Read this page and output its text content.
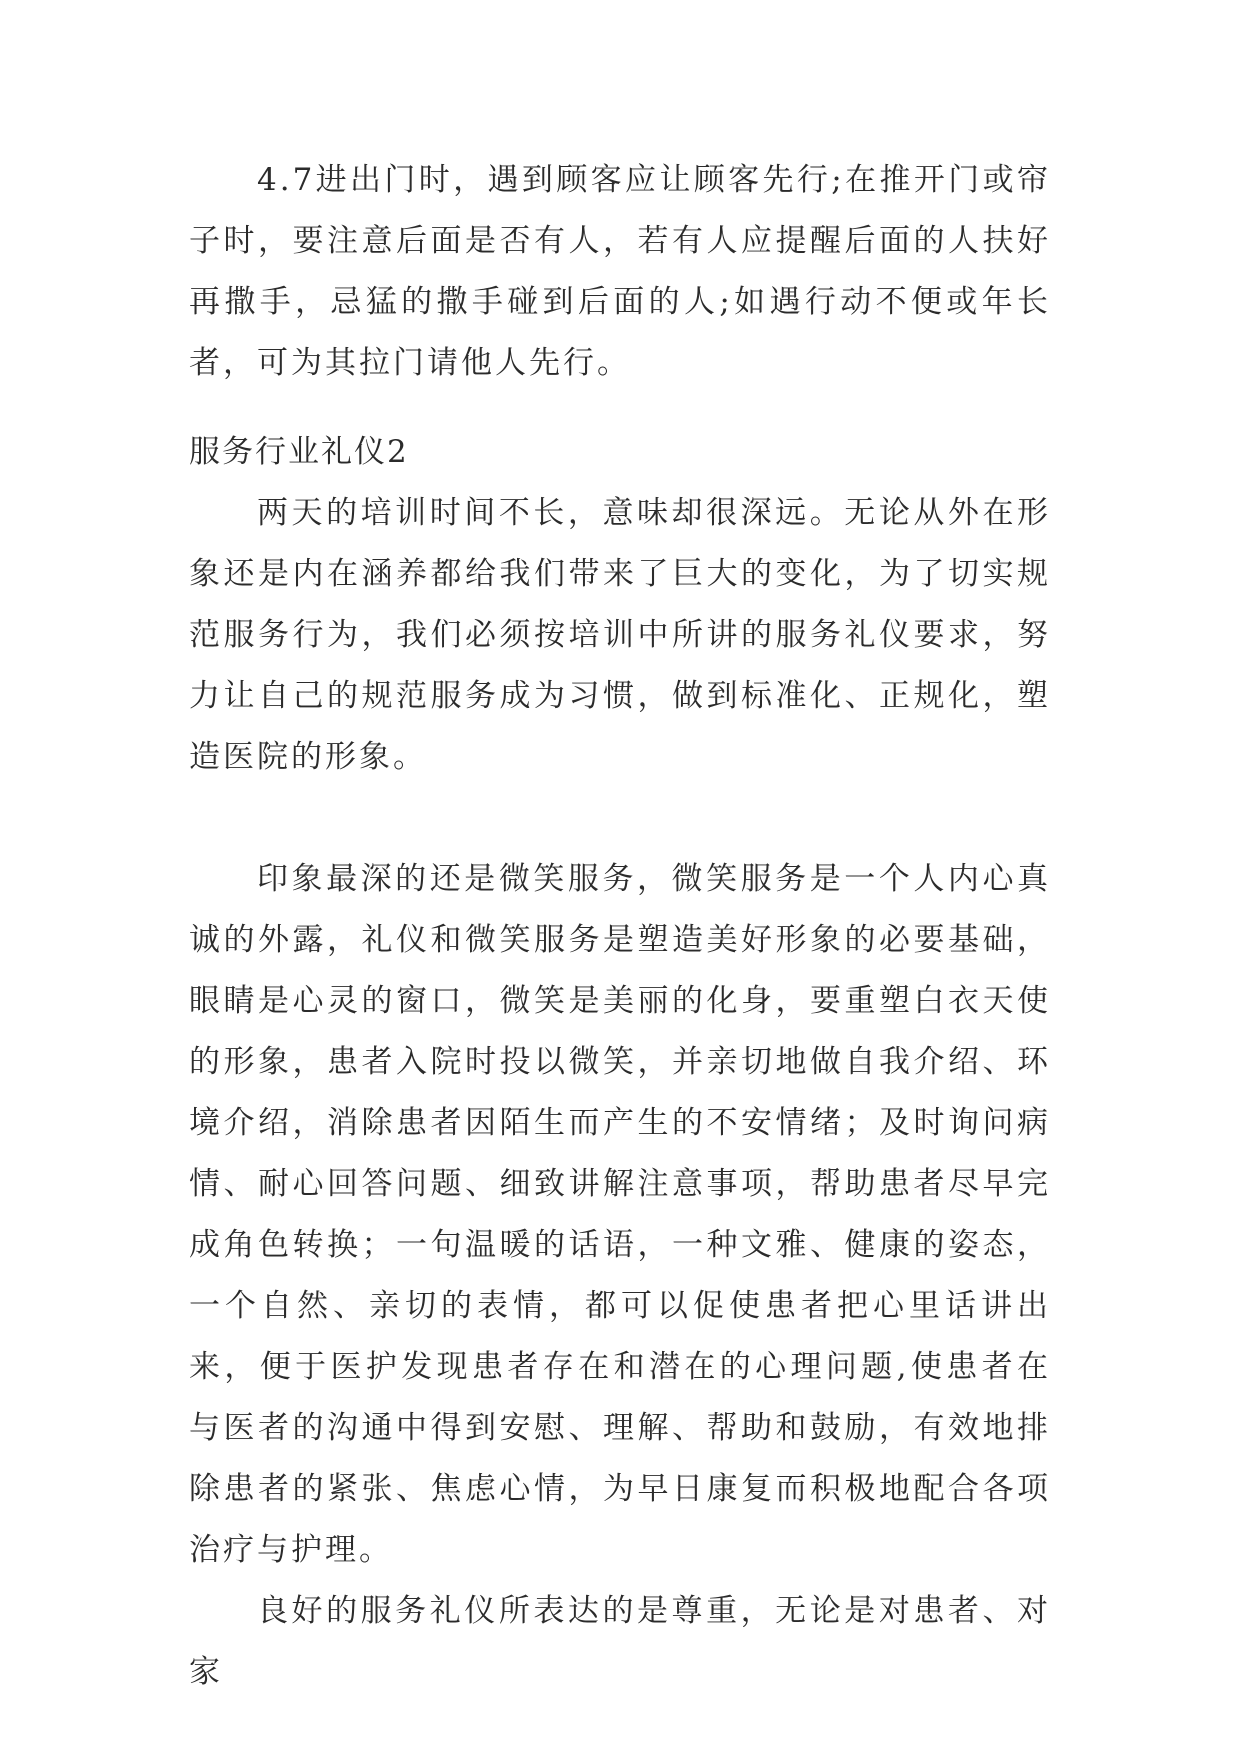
4.7进出门时，遇到顾客应让顾客先行;在推开门或帘子时，要注意后面是否有人，若有人应提醒后面的人扶好再撒手，忌猛的撒手碰到后面的人;如遇行动不便或年长者，可为其拉门请他人先行。

服务行业礼仪2

两天的培训时间不长，意味却很深远。无论从外在形象还是内在涵养都给我们带来了巨大的变化，为了切实规范服务行为，我们必须按培训中所讲的服务礼仪要求，努力让自己的规范服务成为习惯，做到标准化、正规化，塑造医院的形象。

印象最深的还是微笑服务，微笑服务是一个人内心真诚的外露，礼仪和微笑服务是塑造美好形象的必要基础，眼睛是心灵的窗口，微笑是美丽的化身，要重塑白衣天使的形象，患者入院时投以微笑，并亲切地做自我介绍、环境介绍，消除患者因陌生而产生的不安情绪；及时询问病情、耐心回答问题、细致讲解注意事项，帮助患者尽早完成角色转换；一句温暖的话语，一种文雅、健康的姿态，一个自然、亲切的表情，都可以促使患者把心里话讲出来，便于医护发现患者存在和潜在的心理问题,使患者在与医者的沟通中得到安慰、理解、帮助和鼓励，有效地排除患者的紧张、焦虑心情，为早日康复而积极地配合各项治疗与护理。

良好的服务礼仪所表达的是尊重，无论是对患者、对家
